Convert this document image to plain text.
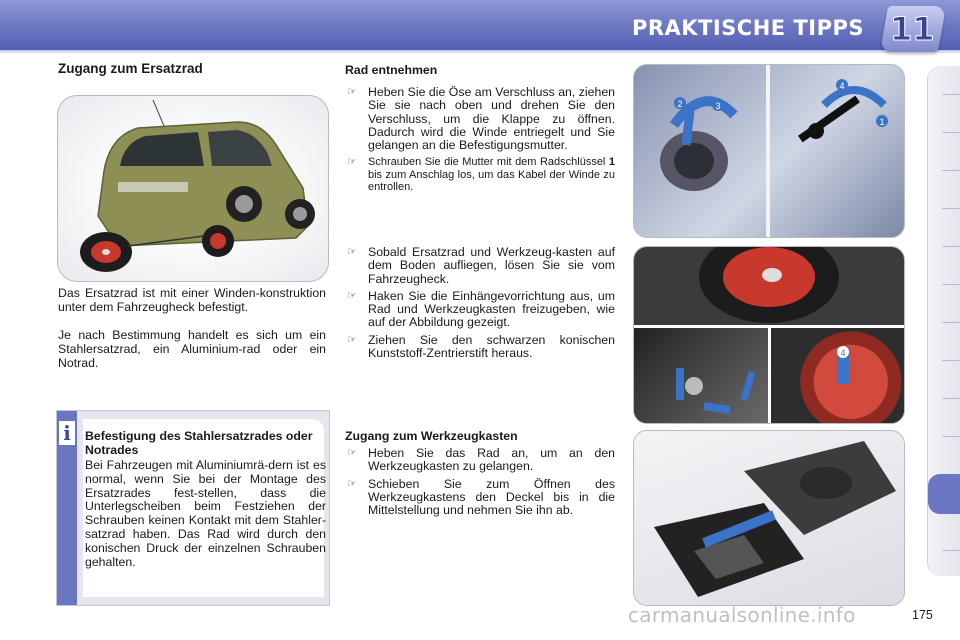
PRAKTISCHE TIPPS 11
Zugang zum Ersatzrad
Das Ersatzrad ist mit einer Winden-konstruktion unter dem Fahrzeugheck befestigt.
Je nach Bestimmung handelt es sich um ein Stahlersatzrad, ein Aluminium-rad oder ein Notrad.
i	Befestigung des Stahlersatzrades oder Notrades
Bei Fahrzeugen mit Aluminiumrä-dern ist es normal, wenn Sie bei der Montage des Ersatzrades fest-stellen, dass die Unterlegscheiben beim Festziehen der Schrauben keinen Kontakt mit dem Stahler-satzrad haben. Das Rad wird durch den konischen Druck der einzelnen Schrauben gehalten.
Rad entnehmen
☞ Heben Sie die Öse am Verschluss an, ziehen Sie sie nach oben und drehen Sie den Verschluss, um die Klappe zu öffnen. Dadurch wird die Winde entriegelt und Sie gelangen an die Befestigungsmutter.
☞ Schrauben Sie die Mutter mit dem Radschlüssel 1 bis zum Anschlag los, um das Kabel der Winde zu entrollen.
☞ Sobald Ersatzrad und Werkzeug-kasten auf dem Boden aufliegen, lösen Sie sie vom Fahrzeugheck.
☞ Haken Sie die Einhängevorrichtung aus, um Rad und Werkzeugkasten freizugeben, wie auf der Abbildung gezeigt.
☞ Ziehen Sie den schwarzen konischen Kunststoff-Zentrierstift heraus.
Zugang zum Werkzeugkasten
☞ Heben Sie das Rad an, um an den Werkzeugkasten zu gelangen.
☞ Schieben Sie zum Öffnen des Werkzeugkastens den Deckel bis in die Mittelstellung und nehmen Sie ihn ab.
2	3
4
1
4
175
carmanualsonline.info
